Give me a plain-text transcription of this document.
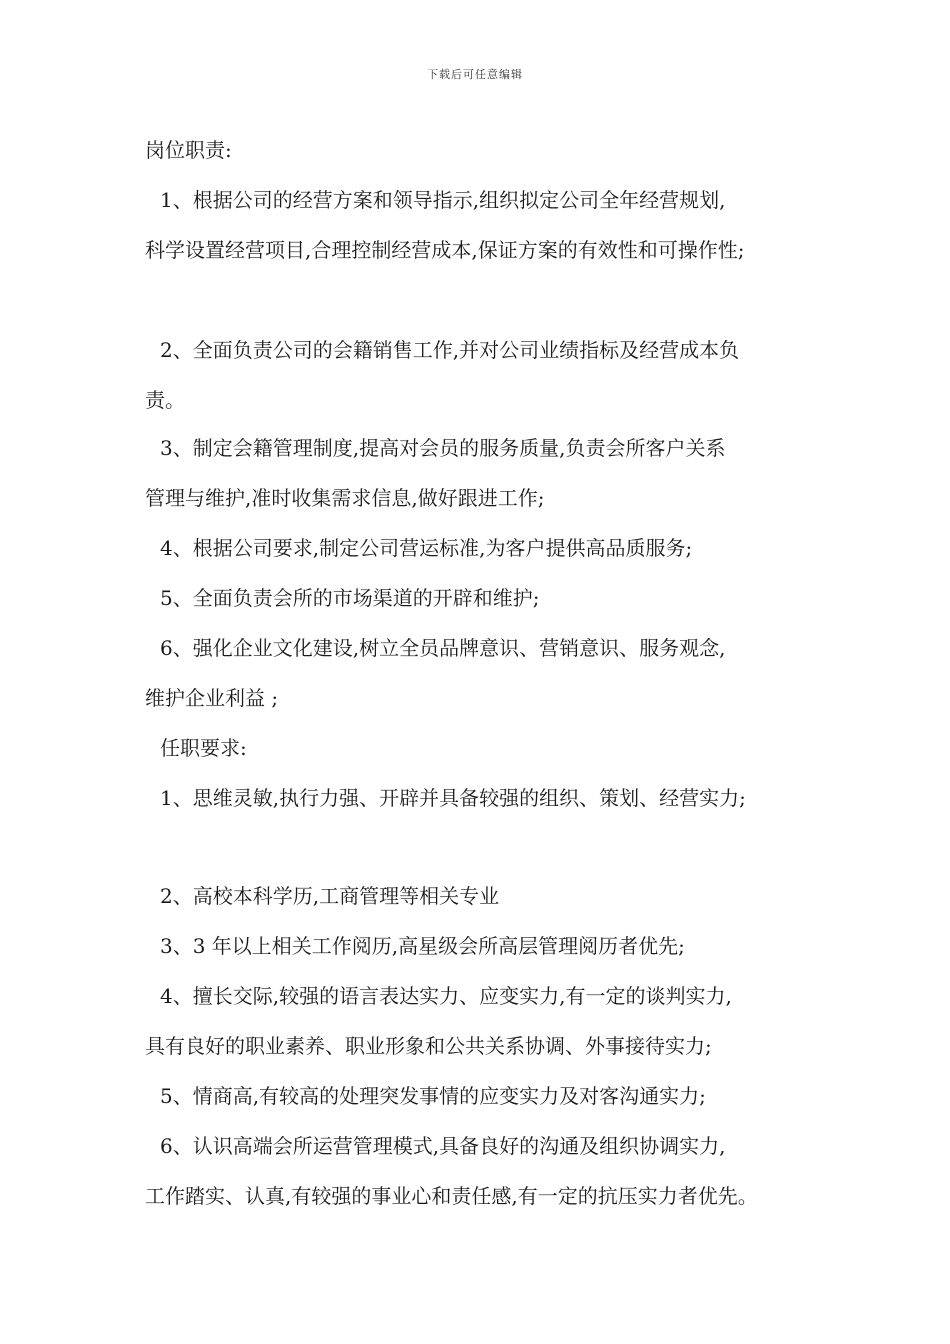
下载后可任意编辑
岗位职责:
1、根据公司的经营方案和领导指示,组织拟定公司全年经营规划,
科学设置经营项目,合理控制经营成本,保证方案的有效性和可操作性;
2、全面负责公司的会籍销售工作,并对公司业绩指标及经营成本负
责。
3、制定会籍管理制度,提高对会员的服务质量,负责会所客户关系
管理与维护,准时收集需求信息,做好跟进工作;
4、根据公司要求,制定公司营运标准,为客户提供高品质服务;
5、全面负责会所的市场渠道的开辟和维护;
6、强化企业文化建设,树立全员品牌意识、营销意识、服务观念,
维护企业利益 ;
任职要求:
1、思维灵敏,执行力强、开辟并具备较强的组织、策划、经营实力;
2、高校本科学历,工商管理等相关专业
3、3 年以上相关工作阅历,高星级会所高层管理阅历者优先;
4、擅长交际,较强的语言表达实力、应变实力,有一定的谈判实力,
具有良好的职业素养、职业形象和公共关系协调、外事接待实力;
5、情商高,有较高的处理突发事情的应变实力及对客沟通实力;
6、认识高端会所运营管理模式,具备良好的沟通及组织协调实力,
工作踏实、认真,有较强的事业心和责任感,有一定的抗压实力者优先。
